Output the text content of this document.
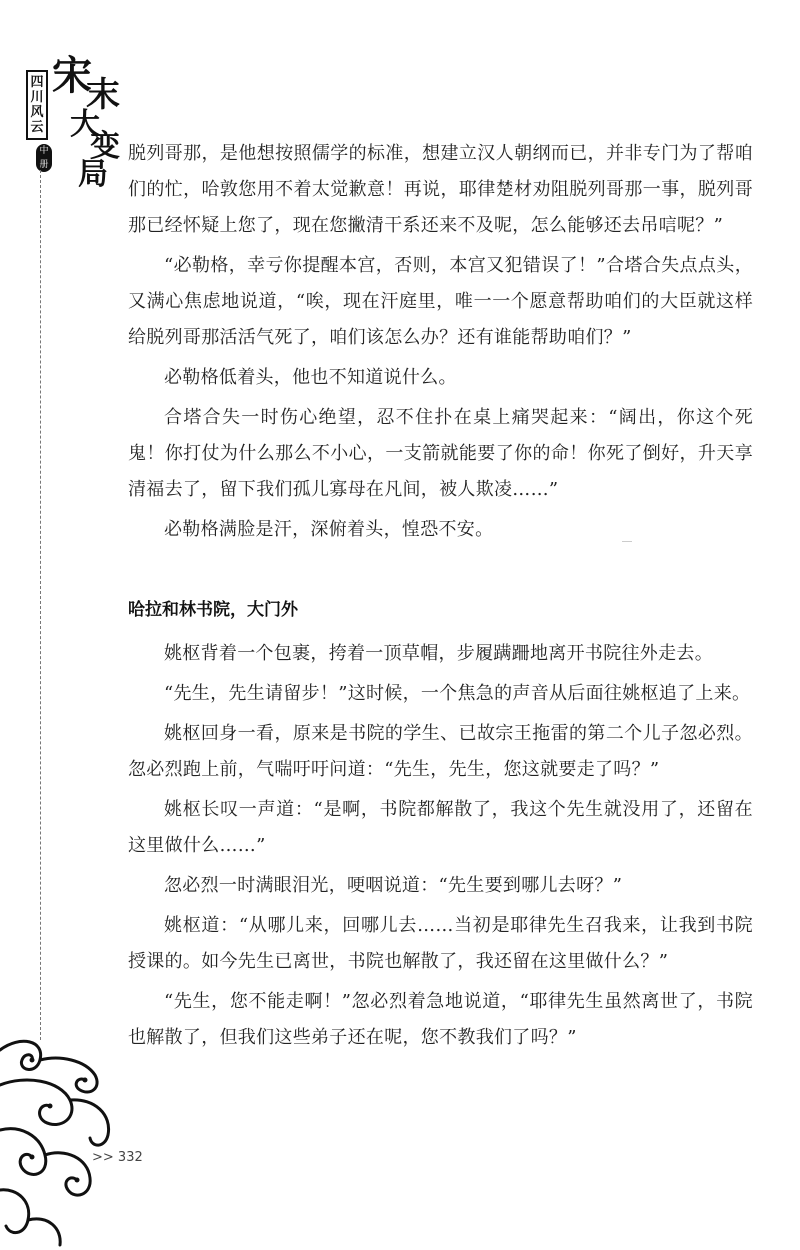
四
川
风
云
宋
末
大
变
局
中册

脱列哥那，是他想按照儒学的标准，想建立汉人朝纲而已，并非专门为了帮咱们的忙，哈敦您用不着太觉歉意！再说，耶律楚材劝阻脱列哥那一事，脱列哥那已经怀疑上您了，现在您撇清干系还来不及呢，怎么能够还去吊唁呢？”

“必勒格，幸亏你提醒本宫，否则，本宫又犯错误了！”合塔合失点点头，又满心焦虑地说道，“唉，现在汗庭里，唯一一个愿意帮助咱们的大臣就这样给脱列哥那活活气死了，咱们该怎么办？还有谁能帮助咱们？”

必勒格低着头，他也不知道说什么。

合塔合失一时伤心绝望，忍不住扑在桌上痛哭起来：“阔出，你这个死鬼！你打仗为什么那么不小心，一支箭就能要了你的命！你死了倒好，升天享清福去了，留下我们孤儿寡母在凡间，被人欺凌……”

必勒格满脸是汗，深俯着头，惶恐不安。

哈拉和林书院，大门外

姚枢背着一个包裹，挎着一顶草帽，步履蹒跚地离开书院往外走去。

“先生，先生请留步！”这时候，一个焦急的声音从后面往姚枢追了上来。

姚枢回身一看，原来是书院的学生、已故宗王拖雷的第二个儿子忽必烈。忽必烈跑上前，气喘吁吁问道：“先生，先生，您这就要走了吗？”

姚枢长叹一声道：“是啊，书院都解散了，我这个先生就没用了，还留在这里做什么……”

忽必烈一时满眼泪光，哽咽说道：“先生要到哪儿去呀？”

姚枢道：“从哪儿来，回哪儿去……当初是耶律先生召我来，让我到书院授课的。如今先生已离世，书院也解散了，我还留在这里做什么？”

“先生，您不能走啊！”忽必烈着急地说道，“耶律先生虽然离世了，书院也解散了，但我们这些弟子还在呢，您不教我们了吗？”

>> 332
